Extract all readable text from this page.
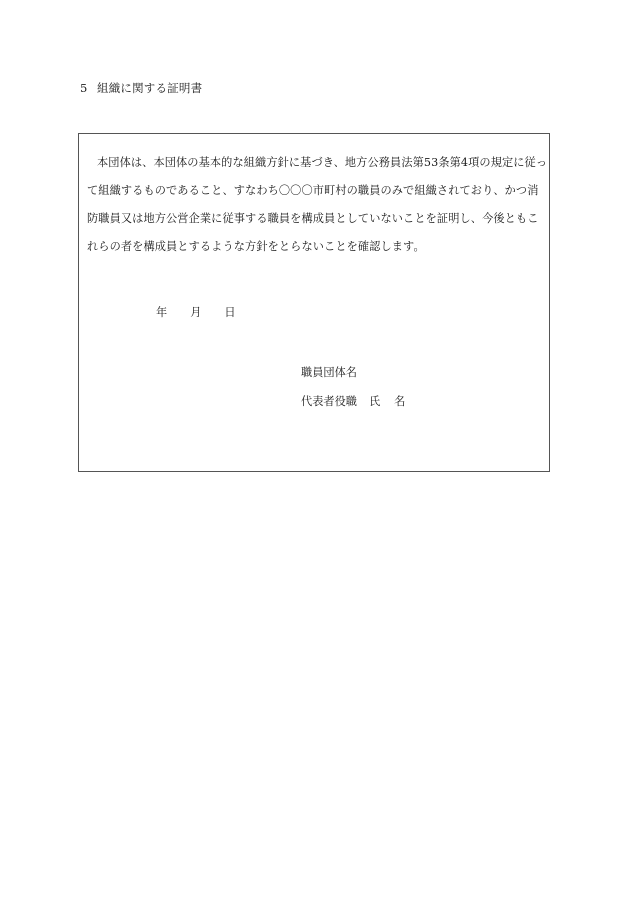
5 組織に関する証明書
本団体は、本団体の基本的な組織方針に基づき、地方公務員法第53条第4項の規定に従っ
て組織するものであること、すなわち〇〇〇市町村の職員のみで組織されており、かつ消
防職員又は地方公営企業に従事する職員を構成員としていないことを証明し、今後ともこ
れらの者を構成員とするような方針をとらないことを確認します。
年 月 日
職員団体名
代表者役職 氏 名
